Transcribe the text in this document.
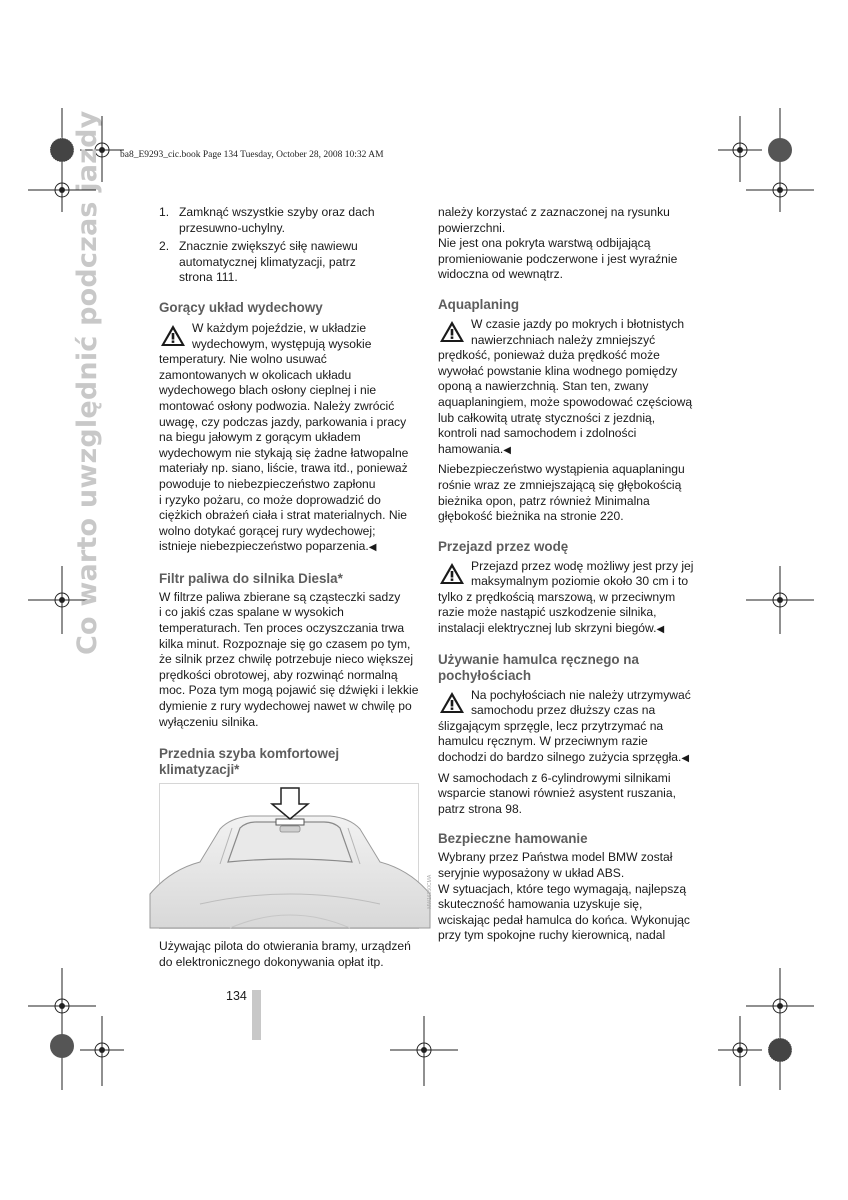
ba8_E9293_cic.book Page 134 Tuesday, October 28, 2008 10:32 AM
Co warto uwzględnić podczas jazdy	1. Zamknąć wszystkie szyby oraz dach

przesuwno-uchylny.

2. Znacznie zwiększyć siłę nawiewu

automatycznej klimatyzacji, patrz

strona 111.

Gorący układ wydechowy

W każdym pojeździe, w układzie

wydechowym, występują wysokie

temperatury. Nie wolno usuwać

zamontowanych w okolicach układu

wydechowego blach osłony cieplnej i nie

montować osłony podwozia. Należy zwrócić

uwagę, czy podczas jazdy, parkowania i pracy

na biegu jałowym z gorącym układem

wydechowym nie stykają się żadne łatwopalne

materiały np. siano, liście, trawa itd., ponieważ

powoduje to niebezpieczeństwo zapłonu

i ryzyko pożaru, co może doprowadzić do

ciężkich obrażeń ciała i strat materialnych. Nie

wolno dotykać gorącej rury wydechowej;

istnieje niebezpieczeństwo poparzenia.◀

Filtr paliwa do silnika Diesla*

W filtrze paliwa zbierane są cząsteczki sadzy

i co jakiś czas spalane w wysokich

temperaturach. Ten proces oczyszczania trwa

kilka minut. Rozpoznaje się go czasem po tym,

że silnik przez chwilę potrzebuje nieco większej

prędkości obrotowej, aby rozwinąć normalną

moc. Poza tym mogą pojawić się dźwięki i lekkie

dymienie z rury wydechowej nawet w chwilę po

wyłączeniu silnika.

Przednia szyba komfortowej
klimatyzacji*
MW16850CMA

Używając pilota do otwierania bramy, urządzeń

do elektronicznego dokonywania opłat itp.

należy korzystać z zaznaczonej na rysunku

powierzchni.

Nie jest ona pokryta warstwą odbijającą

promieniowanie podczerwone i jest wyraźnie

widoczna od wewnątrz.

Aquaplaning

W czasie jazdy po mokrych i błotnistych

nawierzchniach należy zmniejszyć

prędkość, ponieważ duża prędkość może

wywołać powstanie klina wodnego pomiędzy

oponą a nawierzchnią. Stan ten, zwany

aquaplaningiem, może spowodować częściową

lub całkowitą utratę styczności z jezdnią,

kontroli nad samochodem i zdolności

hamowania.◀

Niebezpieczeństwo wystąpienia aquaplaningu

rośnie wraz ze zmniejszającą się głębokością

bieżnika opon, patrz również Minimalna

głębokość bieżnika na stronie 220.

Przejazd przez wodę

Przejazd przez wodę możliwy jest przy jej

maksymalnym poziomie około 30 cm i to

tylko z prędkością marszową, w przeciwnym

razie może nastąpić uszkodzenie silnika,

instalacji elektrycznej lub skrzyni biegów.◀

Używanie hamulca ręcznego na
pochyłościach

Na pochyłościach nie należy utrzymywać

samochodu przez dłuższy czas na

ślizgającym sprzęgle, lecz przytrzymać na

hamulcu ręcznym. W przeciwnym razie

dochodzi do bardzo silnego zużycia sprzęgła.◀

W samochodach z 6-cylindrowymi silnikami

wsparcie stanowi również asystent ruszania,

patrz strona 98.

Bezpieczne hamowanie

Wybrany przez Państwa model BMW został

seryjnie wyposażony w układ ABS.

W sytuacjach, które tego wymagają, najlepszą

skuteczność hamowania uzyskuje się,

wciskając pedał hamulca do końca. Wykonując

przy tym spokojne ruchy kierownicą, nadal

134
